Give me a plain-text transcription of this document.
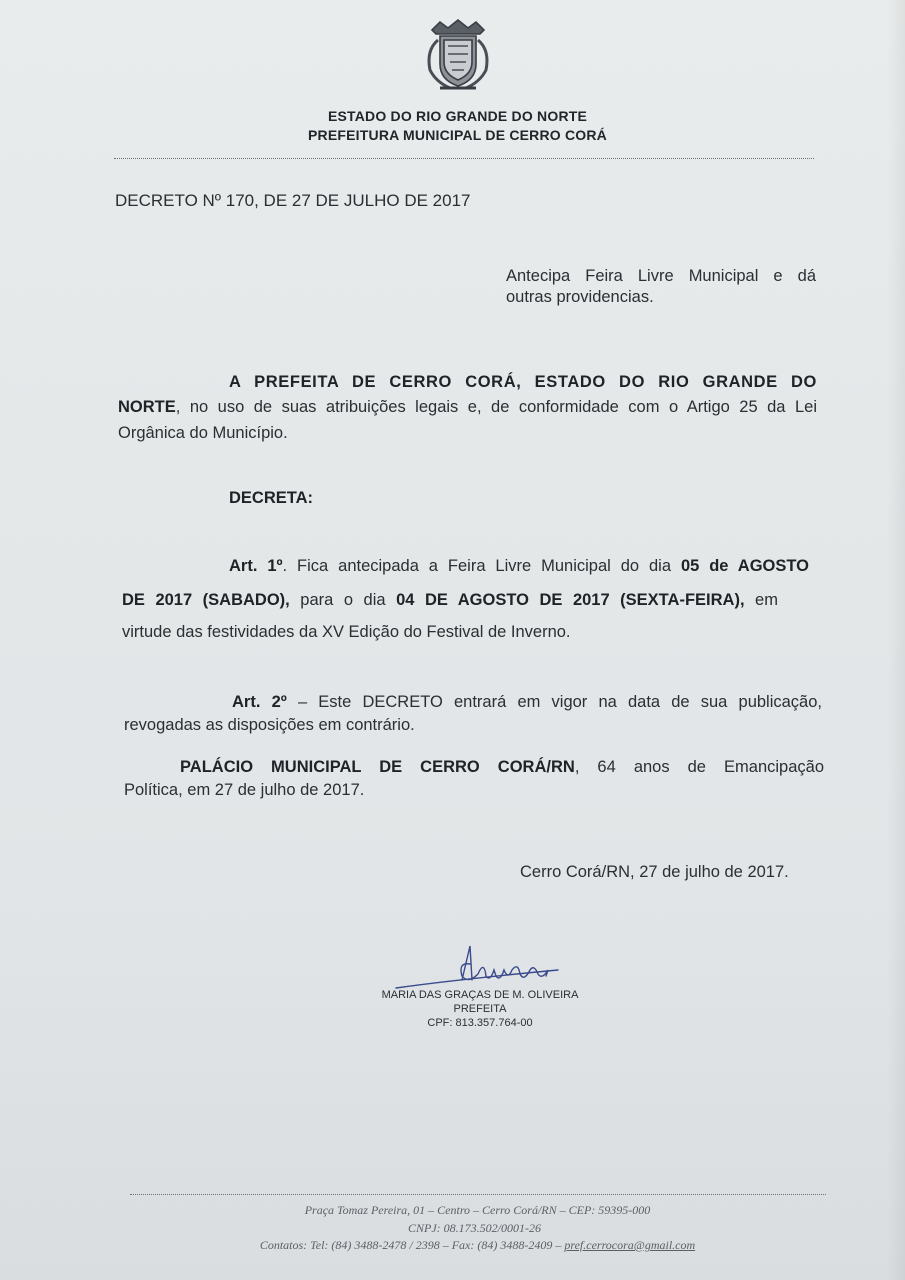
ESTADO DO RIO GRANDE DO NORTE
PREFEITURA MUNICIPAL DE CERRO CORÁ
DECRETO Nº 170, DE 27 DE JULHO DE 2017
Antecipa Feira Livre Municipal e dá
outras providencias.
A PREFEITA DE CERRO CORÁ, ESTADO DO RIO GRANDE DO
NORTE, no uso de suas atribuições legais e, de conformidade com o Artigo 25 da Lei
Orgânica do Município.
DECRETA:
Art. 1º. Fica antecipada a Feira Livre Municipal do dia 05 de AGOSTO
DE 2017 (SABADO), para o dia 04 DE AGOSTO DE 2017 (SEXTA-FEIRA), em
virtude das festividades da XV Edição do Festival de Inverno.
Art. 2º – Este DECRETO entrará em vigor na data de sua publicação,
revogadas as disposições em contrário.
PALÁCIO MUNICIPAL DE CERRO CORÁ/RN, 64 anos de Emancipação
Política, em 27 de julho de 2017.
Cerro Corá/RN, 27 de julho de 2017.
MARIA DAS GRAÇAS DE M. OLIVEIRA
PREFEITA
CPF: 813.357.764-00
Praça Tomaz Pereira, 01 – Centro – Cerro Corá/RN – CEP: 59395-000
CNPJ: 08.173.502/0001-26
Contatos: Tel: (84) 3488-2478 / 2398 – Fax: (84) 3488-2409 – pref.cerrocora@gmail.com
